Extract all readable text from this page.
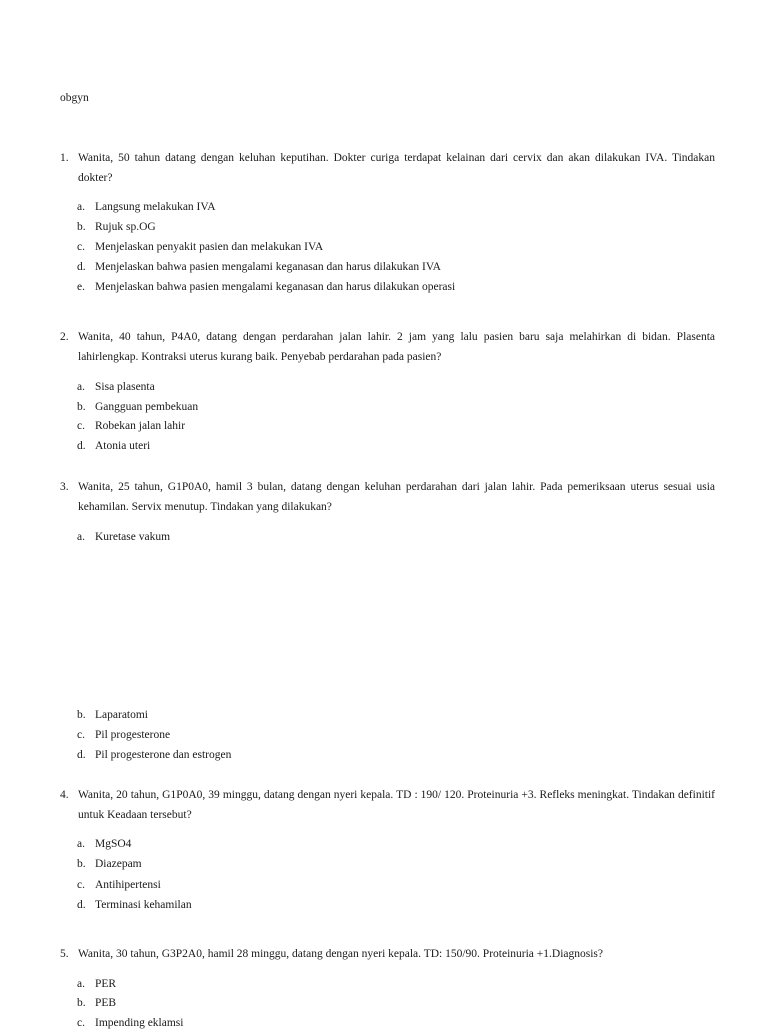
obgyn
1. Wanita, 50 tahun datang dengan keluhan keputihan. Dokter curiga terdapat kelainan dari cervix dan akan dilakukan IVA. Tindakan dokter?
a. Langsung melakukan IVA
b. Rujuk sp.OG
c. Menjelaskan penyakit pasien dan melakukan IVA
d. Menjelaskan bahwa pasien mengalami keganasan dan harus dilakukan IVA
e. Menjelaskan bahwa pasien mengalami keganasan dan harus dilakukan operasi
2. Wanita, 40 tahun, P4A0, datang dengan perdarahan jalan lahir. 2 jam yang lalu pasien baru saja melahirkan di bidan. Plasenta lahirlengkap. Kontraksi uterus kurang baik. Penyebab perdarahan pada pasien?
a. Sisa plasenta
b. Gangguan pembekuan
c. Robekan jalan lahir
d. Atonia uteri
3. Wanita, 25 tahun, G1P0A0, hamil 3 bulan, datang dengan keluhan perdarahan dari jalan lahir. Pada pemeriksaan uterus sesuai usia kehamilan. Servix menutup. Tindakan yang dilakukan?
a. Kuretase vakum
b. Laparatomi
c. Pil progesterone
d. Pil progesterone dan estrogen
4. Wanita, 20 tahun, G1P0A0, 39 minggu, datang dengan nyeri kepala. TD : 190/ 120. Proteinuria +3. Refleks meningkat. Tindakan definitif untuk Keadaan tersebut?
a. MgSO4
b. Diazepam
c. Antihipertensi
d. Terminasi kehamilan
5. Wanita, 30 tahun, G3P2A0, hamil 28 minggu, datang dengan nyeri kepala. TD: 150/90. Proteinuria +1.Diagnosis?
a. PER
b.PEB
c. Impending eklamsi
